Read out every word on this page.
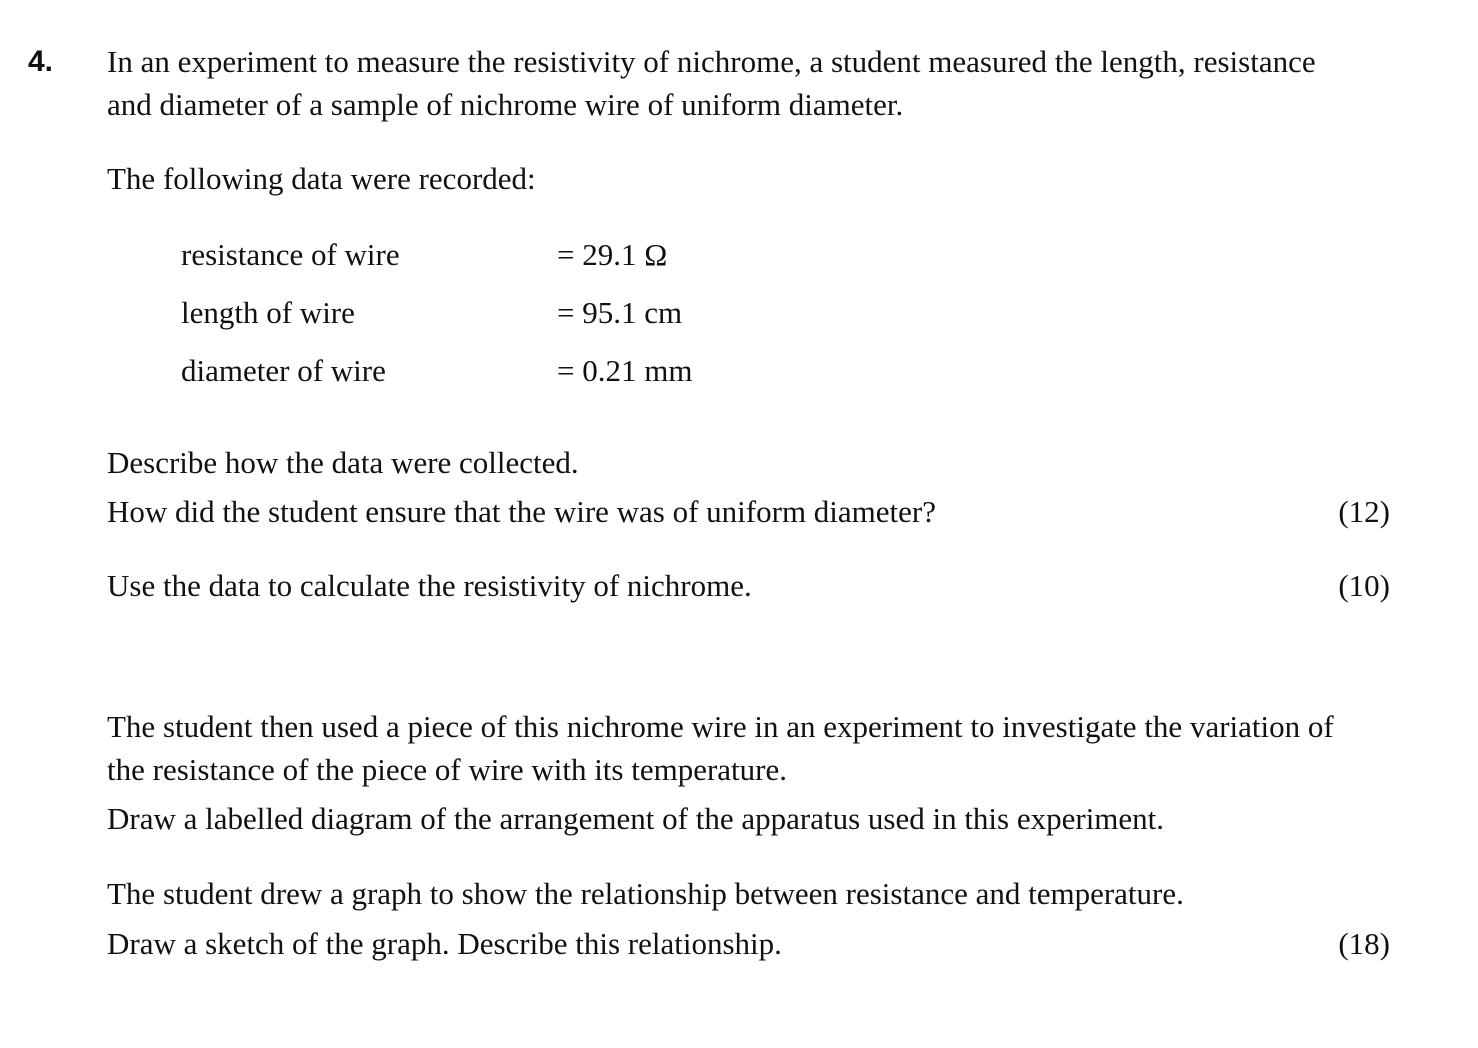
4. In an experiment to measure the resistivity of nichrome, a student measured the length, resistance
and diameter of a sample of nichrome wire of uniform diameter.
The following data were recorded:
resistance of wire	= 29.1 Ω
length of wire	= 95.1 cm
diameter of wire	= 0.21 mm
Describe how the data were collected.
How did the student ensure that the wire was of uniform diameter?	(12)
Use the data to calculate the resistivity of nichrome.	(10)
The student then used a piece of this nichrome wire in an experiment to investigate the variation of
the resistance of the piece of wire with its temperature.
Draw a labelled diagram of the arrangement of the apparatus used in this experiment.
The student drew a graph to show the relationship between resistance and temperature.
Draw a sketch of the graph. Describe this relationship.	(18)
